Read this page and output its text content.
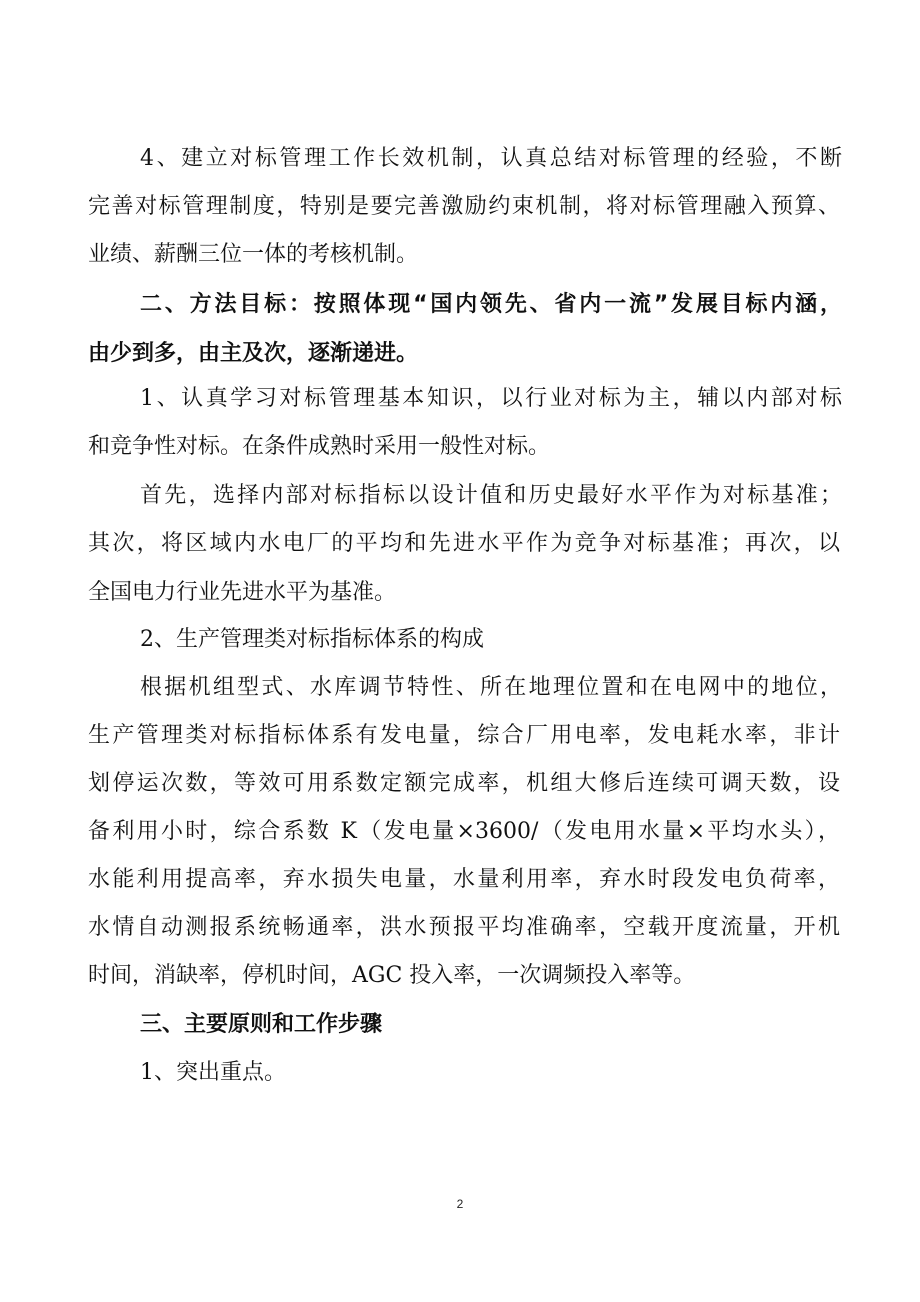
4、建立对标管理工作长效机制，认真总结对标管理的经验，不断

完善对标管理制度，特别是要完善激励约束机制，将对标管理融入预算、

业绩、薪酬三位一体的考核机制。

二、方法目标：按照体现“国内领先、省内一流”发展目标内涵，

由少到多，由主及次，逐渐递进。

1、认真学习对标管理基本知识，以行业对标为主，辅以内部对标

和竞争性对标。在条件成熟时采用一般性对标。

首先，选择内部对标指标以设计值和历史最好水平作为对标基准；

其次，将区域内水电厂的平均和先进水平作为竞争对标基准；再次，以

全国电力行业先进水平为基准。

2、生产管理类对标指标体系的构成

根据机组型式、水库调节特性、所在地理位置和在电网中的地位，

生产管理类对标指标体系有发电量，综合厂用电率，发电耗水率，非计

划停运次数，等效可用系数定额完成率，机组大修后连续可调天数，设

备利用小时，综合系数 K（发电量×3600/（发电用水量×平均水头），

水能利用提高率，弃水损失电量，水量利用率，弃水时段发电负荷率，

水情自动测报系统畅通率，洪水预报平均准确率，空载开度流量，开机

时间，消缺率，停机时间，AGC 投入率，一次调频投入率等。

三、主要原则和工作步骤

1、突出重点。

2
